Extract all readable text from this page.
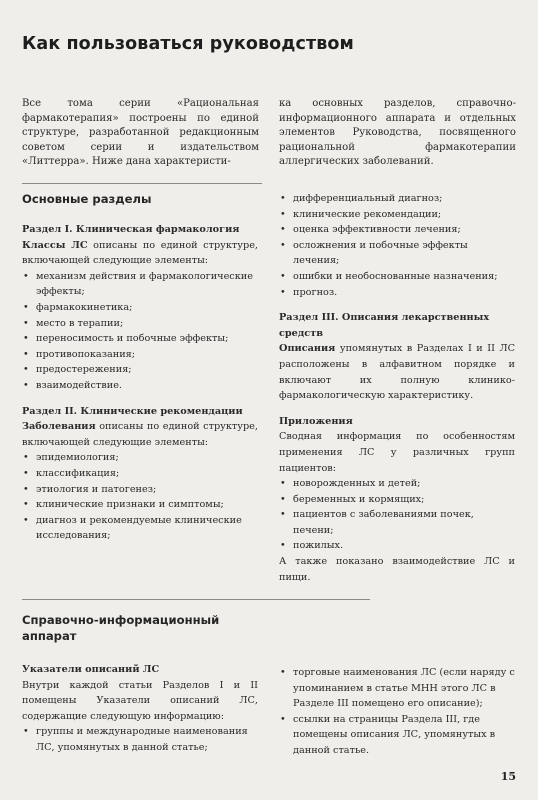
Как пользоваться руководством

Все тома серии «Рациональная фармакотерапия» построены по единой структуре, разработанной редакционным советом серии и издательством «Литтерра». Ниже дана характеристи-

ка основных разделов, справочно-информационного аппарата и отдельных элементов Руководства, посвященного рациональной фармакотерапии аллергических заболеваний.

Основные разделы

Раздел I. Клиническая фармакология

Классы ЛС описаны по единой структуре, включающей следующие элементы:

• механизм действия и фармакологические эффекты;
• фармакокинетика;
• место в терапии;
• переносимость и побочные эффекты;
• противопоказания;
• предостережения;
• взаимодействие.

Раздел II. Клинические рекомендации

Заболевания описаны по единой структуре, включающей следующие элементы:

• эпидемиология;
• классификация;
• этиология и патогенез;
• клинические признаки и симптомы;
• диагноз и рекомендуемые клинические исследования;
• дифференциальный диагноз;
• клинические рекомендации;
• оценка эффективности лечения;
• осложнения и побочные эффекты лечения;
• ошибки и необоснованные назначения;
• прогноз.

Раздел III. Описания лекарственных средств

Описания упомянутых в Разделах I и II ЛС расположены в алфавитном порядке и включают их полную клинико-фармакологическую характеристику.

Приложения

Сводная информация по особенностям применения ЛС у различных групп пациентов:

• новорожденных и детей;
• беременных и кормящих;
• пациентов с заболеваниями почек, печени;
• пожилых.

А также показано взаимодействие ЛС и пищи.

Справочно-информационный аппарат

Указатели описаний ЛС

Внутри каждой статьи Разделов I и II помещены Указатели описаний ЛС, содержащие следующую информацию:

• группы и международные наименования ЛС, упомянутых в данной статье;
• торговые наименования ЛС (если наряду с упоминанием в статье МНН этого ЛС в Разделе III помещено его описание);
• ссылки на страницы Раздела III, где помещены описания ЛС, упомянутых в данной статье.
15
